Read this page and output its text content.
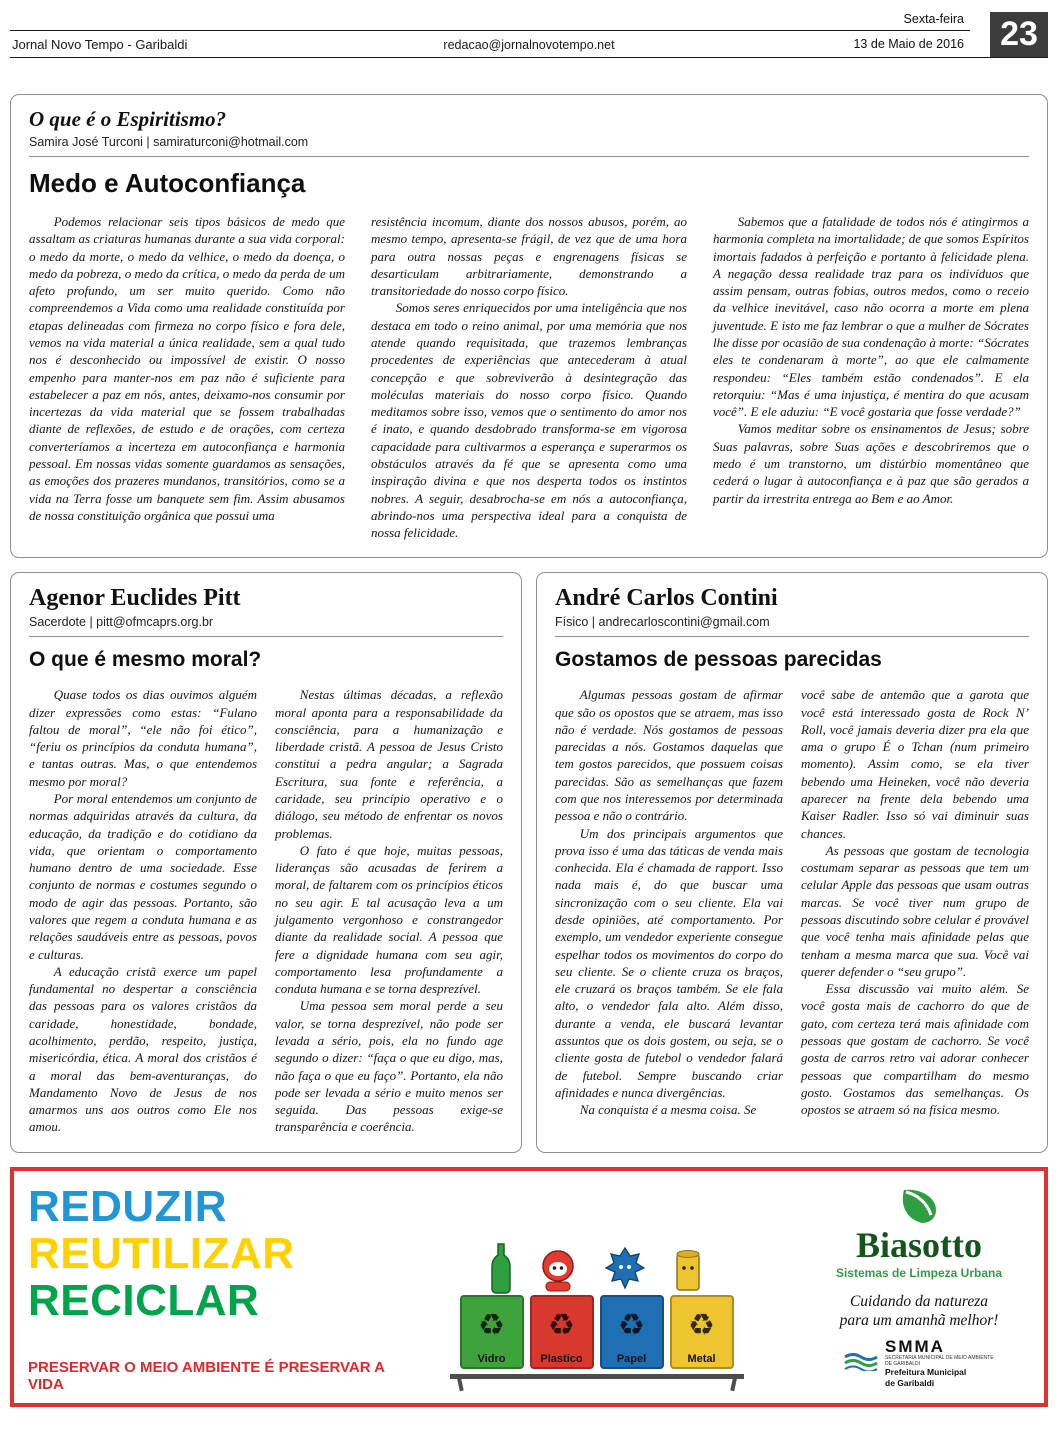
Jornal Novo Tempo - Garibaldi	redacao@jornalnovotempo.net
Sexta-feira
13 de Maio de 2016 23
O que é o Espiritismo?
Samira José Turconi | samiraturconi@hotmail.com
Medo e Autoconfiança

Podemos relacionar seis tipos básicos de medo que assaltam as criaturas humanas durante a sua vida corporal: o medo da morte, o medo da velhice, o medo da doença, o medo da pobreza, o medo da crítica, o medo da perda de um afeto profundo, um ser muito querido. Como não compreendemos a Vida como uma realidade constituída por etapas delineadas com firmeza no corpo físico e fora dele, vemos na vida material a única realidade, sem a qual tudo nos é desconhecido ou impossível de existir. O nosso empenho para manter-nos em paz não é suficiente para estabelecer a paz em nós, antes, deixamo-nos consumir por incertezas da vida material que se fossem trabalhadas diante de reflexões, de estudo e de orações, com certeza converteríamos a incerteza em autoconfiança e harmonia pessoal. Em nossas vidas somente guardamos as sensações, as emoções dos prazeres mundanos, transitórios, como se a vida na Terra fosse um banquete sem fim. Assim abusamos de nossa constituição orgânica que possui uma

resistência incomum, diante dos nossos abusos, porém, ao mesmo tempo, apresenta-se frágil, de vez que de uma hora para outra nossas peças e engrenagens físicas se desarticulam arbitrariamente, demonstrando a transitoriedade do nosso corpo físico.

Somos seres enriquecidos por uma inteligência que nos destaca em todo o reino animal, por uma memória que nos atende quando requisitada, que trazemos lembranças procedentes de experiências que antecederam à atual concepção e que sobreviverão à desintegração das moléculas materiais do nosso corpo físico. Quando meditamos sobre isso, vemos que o sentimento do amor nos é inato, e quando desdobrado transforma-se em vigorosa capacidade para cultivarmos a esperança e superarmos os obstáculos através da fé que se apresenta como uma inspiração divina e que nos desperta todos os instintos nobres. A seguir, desabrocha-se em nós a autoconfiança, abrindo-nos uma perspectiva ideal para a conquista de nossa felicidade.

Sabemos que a fatalidade de todos nós é atingirmos a harmonia completa na imortalidade; de que somos Espíritos imortais fadados à perfeição e portanto à felicidade plena. A negação dessa realidade traz para os indivíduos que assim pensam, outras fobias, outros medos, como o receio da velhice inevitável, caso não ocorra a morte em plena juventude. E isto me faz lembrar o que a mulher de Sócrates lhe disse por ocasião de sua condenação à morte: “Sócrates eles te condenaram à morte”, ao que ele calmamente respondeu: “Eles também estão condenados”. E ela retorquiu: “Mas é uma injustiça, é mentira do que acusam você”. E ele aduziu: “E você gostaria que fosse verdade?”

Vamos meditar sobre os ensinamentos de Jesus; sobre Suas palavras, sobre Suas ações e descobriremos que o medo é um transtorno, um distúrbio momentâneo que cederá o lugar à autoconfiança e à paz que são gerados a partir da irrestrita entrega ao Bem e ao Amor.

Agenor Euclides Pitt
Sacerdote | pitt@ofmcaprs.org.br
O que é mesmo moral?

Quase todos os dias ouvimos alguém dizer expressões como estas: “Fulano faltou de moral”, “ele não foi ético”, “feriu os princípios da conduta humana”, e tantas outras. Mas, o que entendemos mesmo por moral?

Por moral entendemos um conjunto de normas adquiridas através da cultura, da educação, da tradição e do cotidiano da vida, que orientam o comportamento humano dentro de uma sociedade. Esse conjunto de normas e costumes segundo o modo de agir das pessoas. Portanto, são valores que regem a conduta humana e as relações saudáveis entre as pessoas, povos e culturas.

A educação cristã exerce um papel fundamental no despertar a consciência das pessoas para os valores cristãos da caridade, honestidade, bondade, acolhimento, perdão, respeito, justiça, misericórdia, ética. A moral dos cristãos é a moral das bem-aventuranças, do Mandamento Novo de Jesus de nos amarmos uns aos outros como Ele nos amou.

Nestas últimas décadas, a reflexão moral aponta para a responsabilidade da consciência, para a humanização e liberdade cristã. A pessoa de Jesus Cristo constitui a pedra angular; a Sagrada Escritura, sua fonte e referência, a caridade, seu princípio operativo e o diálogo, seu método de enfrentar os novos problemas.

O fato é que hoje, muitas pessoas, lideranças são acusadas de ferirem a moral, de faltarem com os princípios éticos no seu agir. E tal acusação leva a um julgamento vergonhoso e constrangedor diante da realidade social. A pessoa que fere a dignidade humana com seu agir, comportamento lesa profundamente a conduta humana e se torna desprezível.

Uma pessoa sem moral perde a seu valor, se torna desprezível, não pode ser levada a sério, pois, ela no fundo age segundo o dizer: “faça o que eu digo, mas, não faça o que eu faço”. Portanto, ela não pode ser levada a sério e muito menos ser seguida. Das pessoas exige-se transparência e coerência.

André Carlos Contini
Físico | andrecarloscontini@gmail.com
Gostamos de pessoas parecidas

Algumas pessoas gostam de afirmar que são os opostos que se atraem, mas isso não é verdade. Nós gostamos de pessoas parecidas a nós. Gostamos daquelas que tem gostos parecidos, que possuem coisas parecidas. São as semelhanças que fazem com que nos interessemos por determinada pessoa e não o contrário.

Um dos principais argumentos que prova isso é uma das táticas de venda mais conhecida. Ela é chamada de rapport. Isso nada mais é, do que buscar uma sincronização com o seu cliente. Ela vai desde opiniões, até comportamento. Por exemplo, um vendedor experiente consegue espelhar todos os movimentos do corpo do seu cliente. Se o cliente cruza os braços, ele cruzará os braços também. Se ele fala alto, o vendedor fala alto. Além disso, durante a venda, ele buscará levantar assuntos que os dois gostem, ou seja, se o cliente gosta de futebol o vendedor falará de futebol. Sempre buscando criar afinidades e nunca divergências.

Na conquista é a mesma coisa. Se

você sabe de antemão que a garota que você está interessado gosta de Rock N’ Roll, você jamais deveria dizer pra ela que ama o grupo É o Tchan (num primeiro momento). Assim como, se ela tiver bebendo uma Heineken, você não deveria aparecer na frente dela bebendo uma Kaiser Radler. Isso só vai diminuir suas chances.

As pessoas que gostam de tecnologia costumam separar as pessoas que tem um celular Apple das pessoas que usam outras marcas. Se você tiver num grupo de pessoas discutindo sobre celular é provável que você tenha mais afinidade pelas que tenham a mesma marca que sua. Você vai querer defender o “seu grupo”.

Essa discussão vai muito além. Se você gosta mais de cachorro do que de gato, com certeza terá mais afinidade com pessoas que gostam de cachorro. Se você gosta de carros retro vai adorar conhecer pessoas que compartilham do mesmo gosto. Gostamos das semelhanças. Os opostos se atraem só na física mesmo.

REDUZIR
REUTILIZAR
RECICLAR
PRESERVAR O MEIO AMBIENTE É PRESERVAR A VIDA
♻
Vidro
♻
Plastico
♻
Papel
♻
Metal
Biasotto
Sistemas de Limpeza Urbana
Cuidando da natureza
para um amanhã melhor!
SMMA
SECRETARIA MUNICIPAL DE MEIO AMBIENTE DE GARIBALDI
Prefeitura Municipal
de Garibaldi
